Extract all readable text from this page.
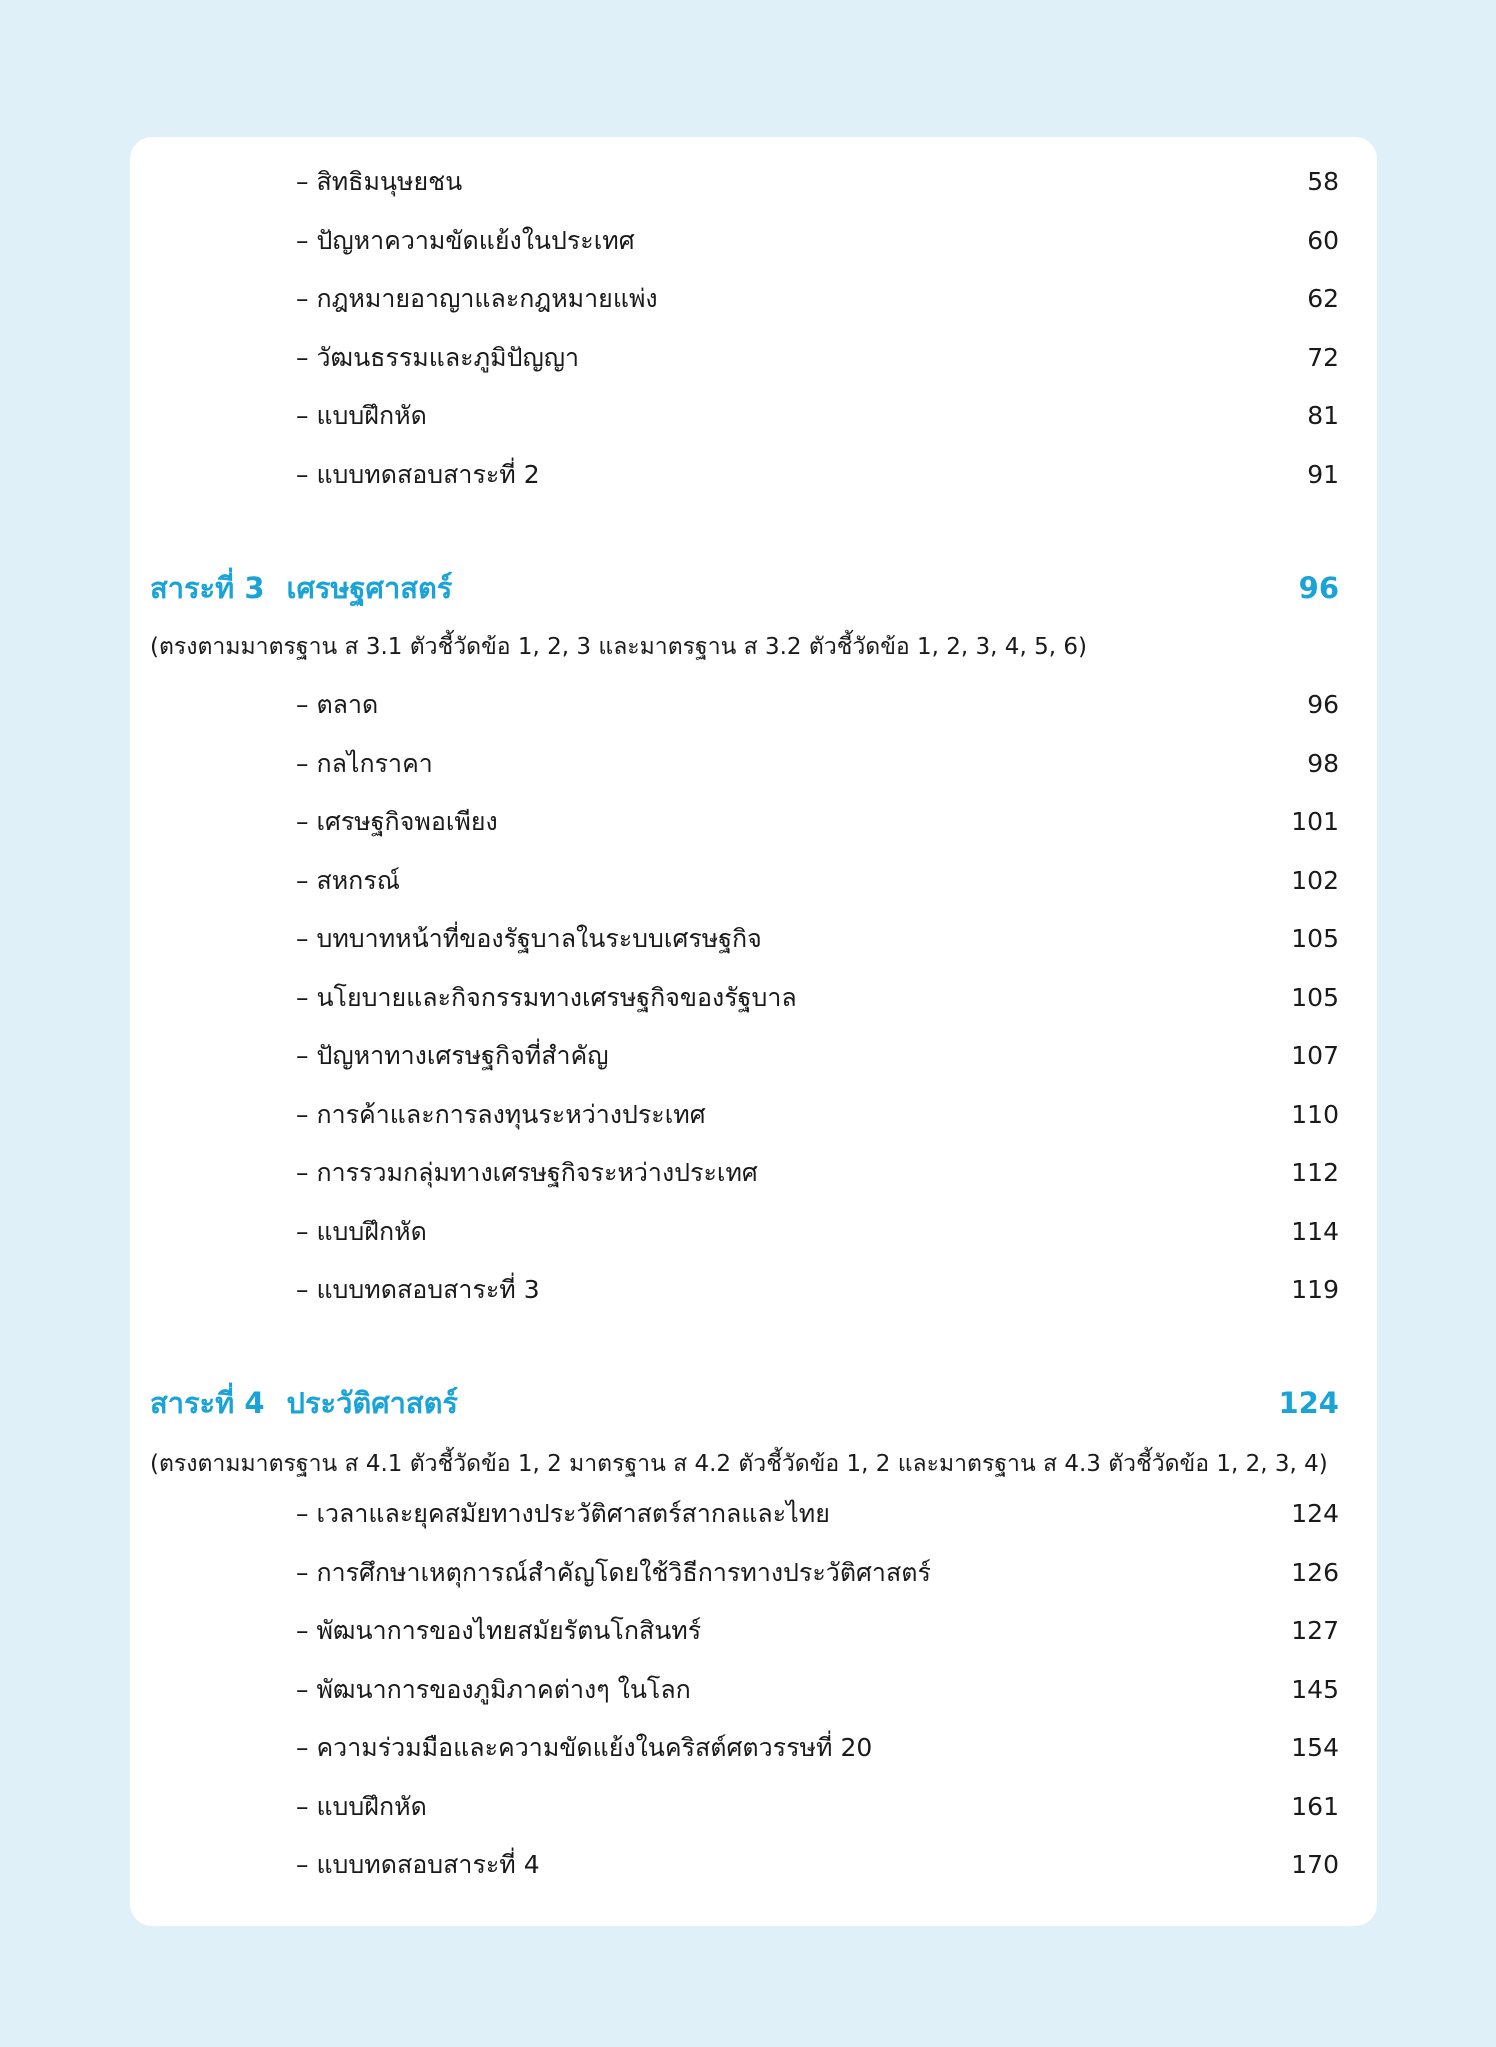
– สิทธิมนุษยชน	58
– ปัญหาความขัดแย้งในประเทศ	60
– กฎหมายอาญาและกฎหมายแพ่ง	62
– วัฒนธรรมและภูมิปัญญา	72
– แบบฝึกหัด	81
– แบบทดสอบสาระที่ 2	91
สาระที่ 3 เศรษฐศาสตร์	96
(ตรงตามมาตรฐาน ส 3.1 ตัวชี้วัดข้อ 1, 2, 3 และมาตรฐาน ส 3.2 ตัวชี้วัดข้อ 1, 2, 3, 4, 5, 6)
– ตลาด	96
– กลไกราคา	98
– เศรษฐกิจพอเพียง	101
– สหกรณ์	102
– บทบาทหน้าที่ของรัฐบาลในระบบเศรษฐกิจ	105
– นโยบายและกิจกรรมทางเศรษฐกิจของรัฐบาล	105
– ปัญหาทางเศรษฐกิจที่สำคัญ	107
– การค้าและการลงทุนระหว่างประเทศ	110
– การรวมกลุ่มทางเศรษฐกิจระหว่างประเทศ	112
– แบบฝึกหัด	114
– แบบทดสอบสาระที่ 3	119
สาระที่ 4 ประวัติศาสตร์	124
(ตรงตามมาตรฐาน ส 4.1 ตัวชี้วัดข้อ 1, 2 มาตรฐาน ส 4.2 ตัวชี้วัดข้อ 1, 2 และมาตรฐาน ส 4.3 ตัวชี้วัดข้อ 1, 2, 3, 4)
– เวลาและยุคสมัยทางประวัติศาสตร์สากลและไทย	124
– การศึกษาเหตุการณ์สำคัญโดยใช้วิธีการทางประวัติศาสตร์	126
– พัฒนาการของไทยสมัยรัตนโกสินทร์	127
– พัฒนาการของภูมิภาคต่างๆ ในโลก	145
– ความร่วมมือและความขัดแย้งในคริสต์ศตวรรษที่ 20	154
– แบบฝึกหัด	161
– แบบทดสอบสาระที่ 4	170
